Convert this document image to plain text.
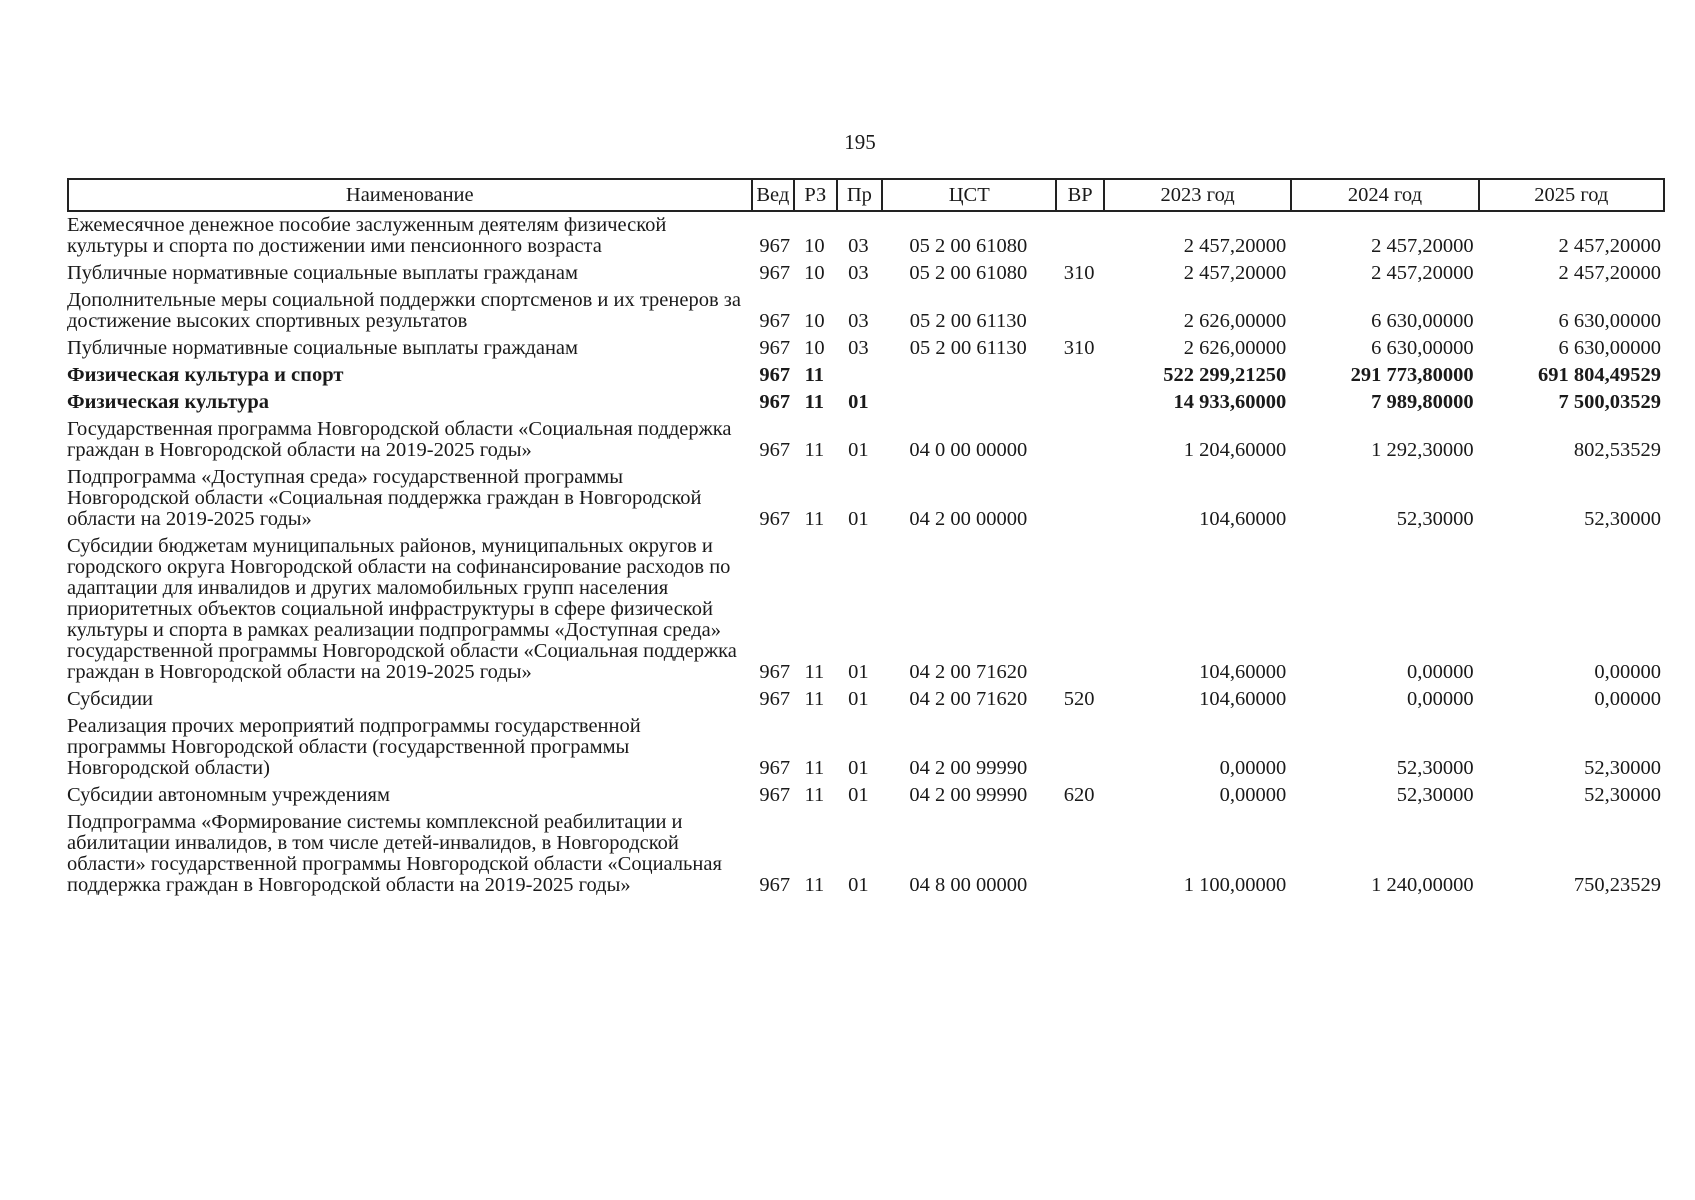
195
Наименование	Вед	РЗ	Пр	ЦСТ	ВР	2023 год	2024 год	2025 год
Ежемесячное денежное пособие заслуженным деятелям физической культуры и спорта по достижении ими пенсионного возраста	967	10	03	05 2 00 61080		2 457,20000	2 457,20000	2 457,20000
Публичные нормативные социальные выплаты гражданам	967	10	03	05 2 00 61080	310	2 457,20000	2 457,20000	2 457,20000
Дополнительные меры социальной поддержки спортсменов и их тренеров за достижение высоких спортивных результатов	967	10	03	05 2 00 61130		2 626,00000	6 630,00000	6 630,00000
Публичные нормативные социальные выплаты гражданам	967	10	03	05 2 00 61130	310	2 626,00000	6 630,00000	6 630,00000
Физическая культура и спорт	967	11				522 299,21250	291 773,80000	691 804,49529
Физическая культура	967	11	01			14 933,60000	7 989,80000	7 500,03529
Государственная программа Новгородской области «Социальная поддержка граждан в Новгородской области на 2019-2025 годы»	967	11	01	04 0 00 00000		1 204,60000	1 292,30000	802,53529
Подпрограмма «Доступная среда» государственной программы Новгородской области «Социальная поддержка граждан в Новгородской области на 2019-2025 годы»	967	11	01	04 2 00 00000		104,60000	52,30000	52,30000
Субсидии бюджетам муниципальных районов, муниципальных округов и городского округа Новгородской области на софинансирование расходов по адаптации для инвалидов и других маломобильных групп населения приоритетных объектов социальной инфраструктуры в сфере физической культуры и спорта в рамках реализации подпрограммы «Доступная среда» государственной программы Новгородской области «Социальная поддержка граждан в Новгородской области на 2019-2025 годы»	967	11	01	04 2 00 71620		104,60000	0,00000	0,00000
Субсидии	967	11	01	04 2 00 71620	520	104,60000	0,00000	0,00000
Реализация прочих мероприятий подпрограммы государственной программы Новгородской области (государственной программы Новгородской области)	967	11	01	04 2 00 99990		0,00000	52,30000	52,30000
Субсидии автономным учреждениям	967	11	01	04 2 00 99990	620	0,00000	52,30000	52,30000
Подпрограмма «Формирование системы комплексной реабилитации и абилитации инвалидов, в том числе детей-инвалидов, в Новгородской области» государственной программы Новгородской области «Социальная поддержка граждан в Новгородской области на 2019-2025 годы»	967	11	01	04 8 00 00000		1 100,00000	1 240,00000	750,23529
